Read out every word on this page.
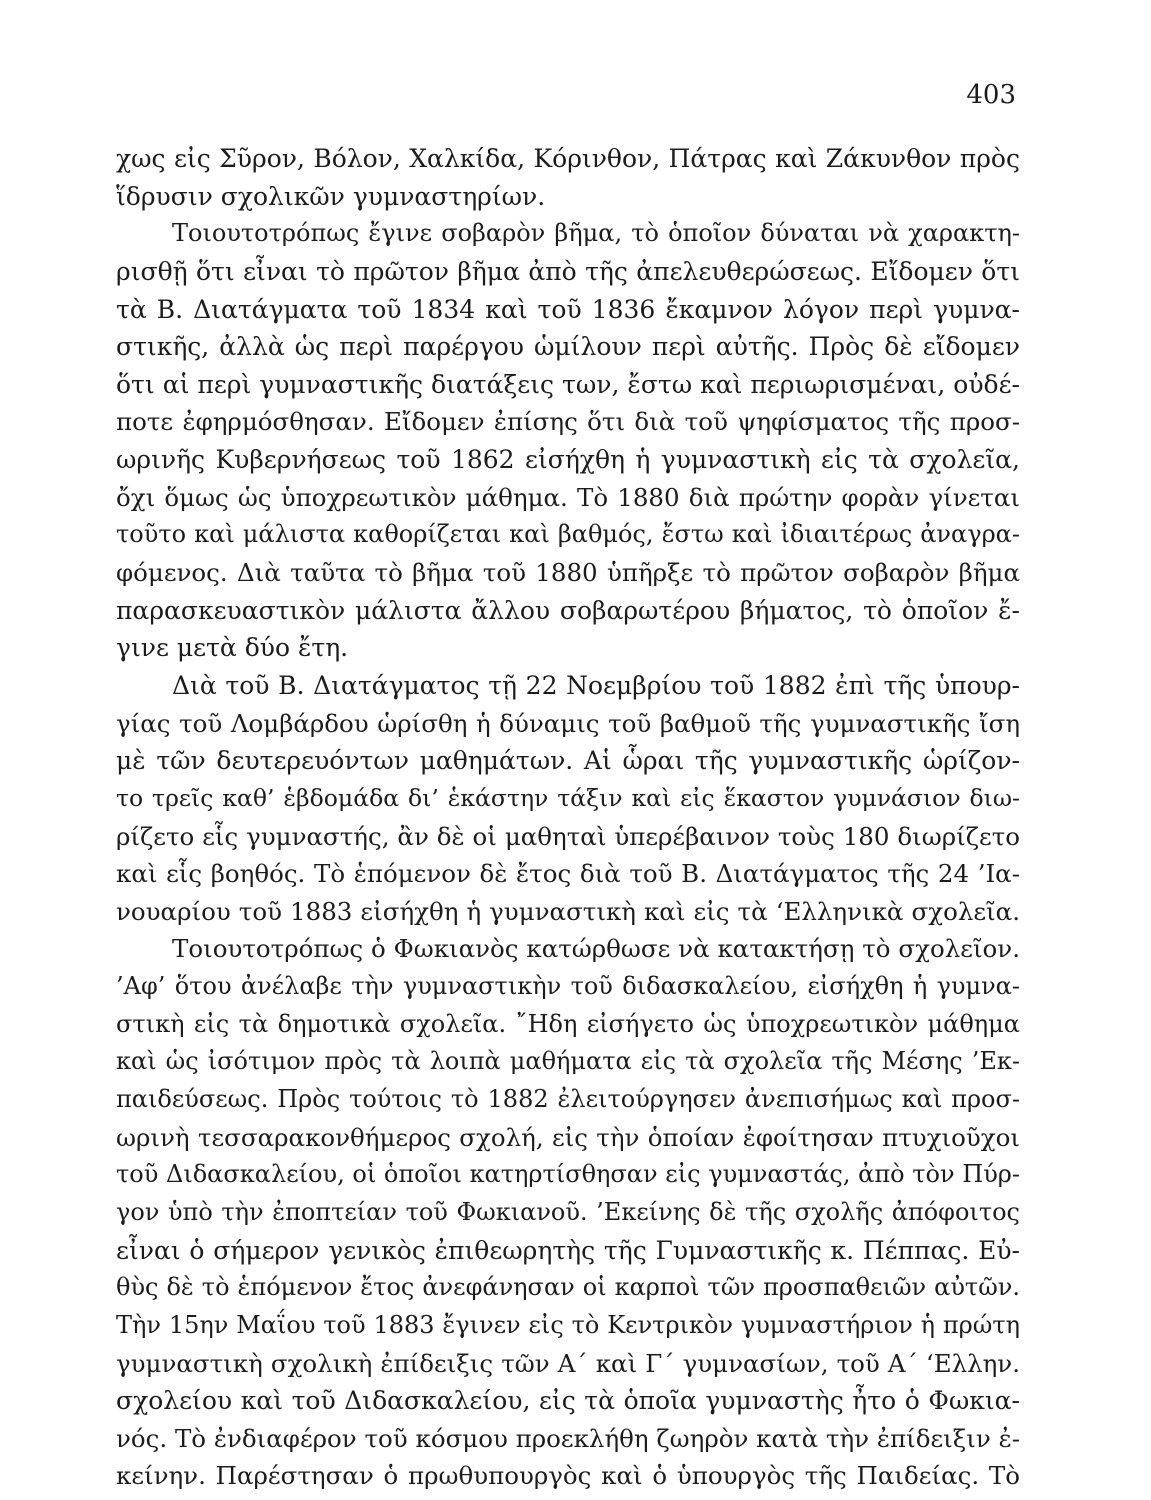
403
χως εἰς Σῦρον, Βόλον, Χαλκίδα, Κόρινθον, Πάτρας καὶ Ζάκυνθον πρὸς
ἵδρυσιν σχολικῶν γυμναστηρίων.
Τοιουτοτρόπως ἔγινε σοβαρὸν βῆμα, τὸ ὁποῖον δύναται νὰ χαρακτη-
ρισθῇ ὅτι εἶναι τὸ πρῶτον βῆμα ἀπὸ τῆς ἀπελευθερώσεως. Εἴδομεν ὅτι
τὰ Β. Διατάγματα τοῦ 1834 καὶ τοῦ 1836 ἔκαμνον λόγον περὶ γυμνα-
στικῆς, ἀλλὰ ὡς περὶ παρέργου ὡμίλουν περὶ αὐτῆς. Πρὸς δὲ εἴδομεν
ὅτι αἱ περὶ γυμναστικῆς διατάξεις των, ἔστω καὶ περιωρισμέναι, οὐδέ-
ποτε ἐφηρμόσθησαν. Εἴδομεν ἐπίσης ὅτι διὰ τοῦ ψηφίσματος τῆς προσ-
ωρινῆς Κυβερνήσεως τοῦ 1862 εἰσήχθη ἡ γυμναστικὴ εἰς τὰ σχολεῖα,
ὄχι ὅμως ὡς ὑποχρεωτικὸν μάθημα. Τὸ 1880 διὰ πρώτην φορὰν γίνεται
τοῦτο καὶ μάλιστα καθορίζεται καὶ βαθμός, ἔστω καὶ ἰδιαιτέρως ἀναγρα-
φόμενος. Διὰ ταῦτα τὸ βῆμα τοῦ 1880 ὑπῆρξε τὸ πρῶτον σοβαρὸν βῆμα
παρασκευαστικὸν μάλιστα ἄλλου σοβαρωτέρου βήματος, τὸ ὁποῖον ἔ-
γινε μετὰ δύο ἔτη.
Διὰ τοῦ Β. Διατάγματος τῇ 22 Νοεμβρίου τοῦ 1882 ἐπὶ τῆς ὑπουρ-
γίας τοῦ Λομβάρδου ὡρίσθη ἡ δύναμις τοῦ βαθμοῦ τῆς γυμναστικῆς ἴση
μὲ τῶν δευτερευόντων μαθημάτων. Αἱ ὧραι τῆς γυμναστικῆς ὡρίζον-
το τρεῖς καθ’ ἑβδομάδα δι’ ἑκάστην τάξιν καὶ εἰς ἕκαστον γυμνάσιον διω-
ρίζετο εἷς γυμναστής, ἂν δὲ οἱ μαθηταὶ ὑπερέβαινον τοὺς 180 διωρίζετο
καὶ εἷς βοηθός. Τὸ ἑπόμενον δὲ ἔτος διὰ τοῦ Β. Διατάγματος τῆς 24 ’Ια-
νουαρίου τοῦ 1883 εἰσήχθη ἡ γυμναστικὴ καὶ εἰς τὰ ‘Ελληνικὰ σχολεῖα.
Τοιουτοτρόπως ὁ Φωκιανὸς κατώρθωσε νὰ κατακτήσῃ τὸ σχολεῖον.
’Αφ’ ὅτου ἀνέλαβε τὴν γυμναστικὴν τοῦ διδασκαλείου, εἰσήχθη ἡ γυμνα-
στικὴ εἰς τὰ δημοτικὰ σχολεῖα. ῎Ηδη εἰσήγετο ὡς ὑποχρεωτικὸν μάθημα
καὶ ὡς ἰσότιμον πρὸς τὰ λοιπὰ μαθήματα εἰς τὰ σχολεῖα τῆς Μέσης ’Εκ-
παιδεύσεως. Πρὸς τούτοις τὸ 1882 ἐλειτούργησεν ἀνεπισήμως καὶ προσ-
ωρινὴ τεσσαρακονθήμερος σχολή, εἰς τὴν ὁποίαν ἐφοίτησαν πτυχιοῦχοι
τοῦ Διδασκαλείου, οἱ ὁποῖοι κατηρτίσθησαν εἰς γυμναστάς, ἀπὸ τὸν Πύρ-
γον ὑπὸ τὴν ἐποπτείαν τοῦ Φωκιανοῦ. ’Εκείνης δὲ τῆς σχολῆς ἀπόφοιτος
εἶναι ὁ σήμερον γενικὸς ἐπιθεωρητὴς τῆς Γυμναστικῆς κ. Πέππας. Εὐ-
θὺς δὲ τὸ ἑπόμενον ἔτος ἀνεφάνησαν οἱ καρποὶ τῶν προσπαθειῶν αὐτῶν.
Τὴν 15ην Μαΐου τοῦ 1883 ἔγινεν εἰς τὸ Κεντρικὸν γυμναστήριον ἡ πρώτη
γυμναστικὴ σχολικὴ ἐπίδειξις τῶν Α΄ καὶ Γ΄ γυμνασίων, τοῦ Α΄ ‘Ελλην.
σχολείου καὶ τοῦ Διδασκαλείου, εἰς τὰ ὁποῖα γυμναστὴς ἦτο ὁ Φωκια-
νός. Τὸ ἐνδιαφέρον τοῦ κόσμου προεκλήθη ζωηρὸν κατὰ τὴν ἐπίδειξιν ἐ-
κείνην. Παρέστησαν ὁ πρωθυπουργὸς καὶ ὁ ὑπουργὸς τῆς Παιδείας. Τὸ
